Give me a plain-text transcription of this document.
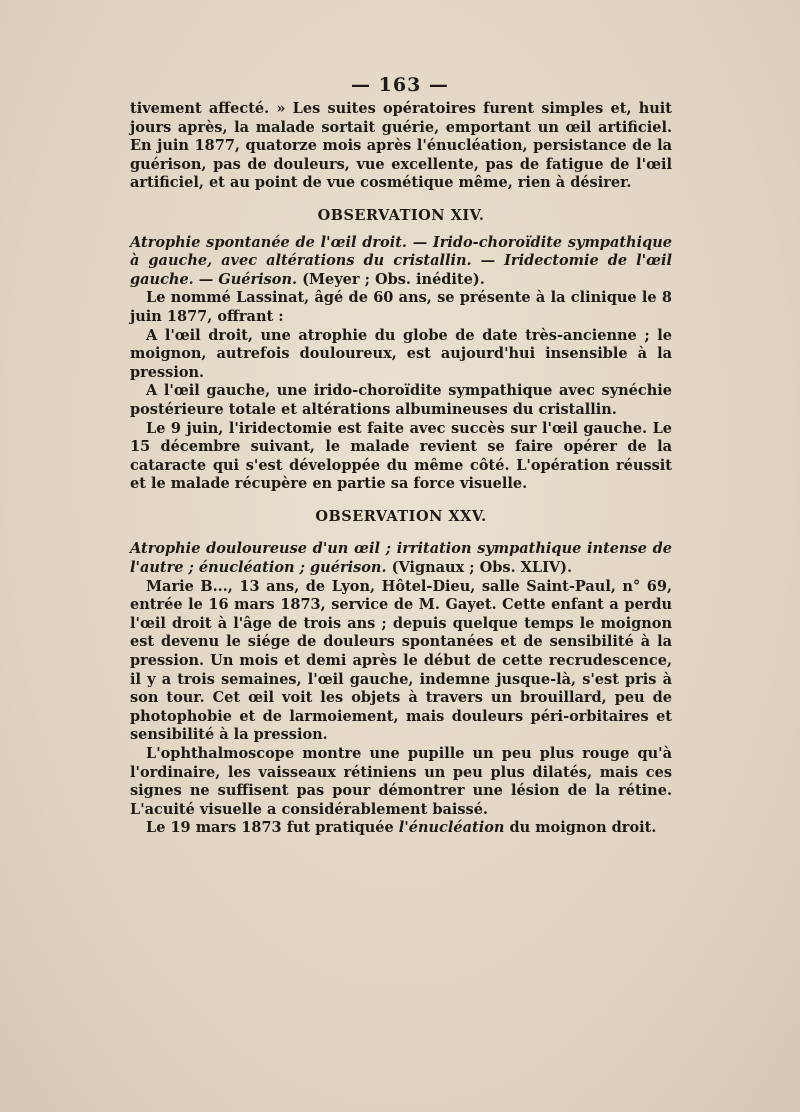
— 163 —

tivement affecté. » Les suites opératoires furent simples et, huit jours après, la malade sortait guérie, emportant un œil artificiel. En juin 1877, quatorze mois après l'énucléation, persistance de la guérison, pas de douleurs, vue excellente, pas de fatigue de l'œil artificiel, et au point de vue cosmétique même, rien à désirer.

OBSERVATION XIV.

Atrophie spontanée de l'œil droit. — Irido-choroïdite sympathique à gauche, avec altérations du cristallin. — Iridectomie de l'œil gauche. — Guérison. (Meyer ; Obs. inédite).

Le nommé Lassinat, âgé de 60 ans, se présente à la clinique le 8 juin 1877, offrant :

A l'œil droit, une atrophie du globe de date très-ancienne ; le moignon, autrefois douloureux, est aujourd'hui insensible à la pression.

A l'œil gauche, une irido-choroïdite sympathique avec synéchie postérieure totale et altérations albumineuses du cristallin.

Le 9 juin, l'iridectomie est faite avec succès sur l'œil gauche. Le 15 décembre suivant, le malade revient se faire opérer de la cataracte qui s'est développée du même côté. L'opération réussit et le malade récupère en partie sa force visuelle.

OBSERVATION XXV.

Atrophie douloureuse d'un œil ; irritation sympathique intense de l'autre ; énucléation ; guérison. (Vignaux ; Obs. XLIV).

Marie B..., 13 ans, de Lyon, Hôtel-Dieu, salle Saint-Paul, n° 69, entrée le 16 mars 1873, service de M. Gayet. Cette enfant a perdu l'œil droit à l'âge de trois ans ; depuis quelque temps le moignon est devenu le siége de douleurs spontanées et de sensibilité à la pression. Un mois et demi après le début de cette recrudescence, il y a trois semaines, l'œil gauche, indemne jusque-là, s'est pris à son tour. Cet œil voit les objets à travers un brouillard, peu de photophobie et de larmoiement, mais douleurs péri-orbitaires et sensibilité à la pression.

L'ophthalmoscope montre une pupille un peu plus rouge qu'à l'ordinaire, les vaisseaux rétiniens un peu plus dilatés, mais ces signes ne suffisent pas pour démontrer une lésion de la rétine. L'acuité visuelle a considérablement baissé.

Le 19 mars 1873 fut pratiquée l'énucléation du moignon droit.
